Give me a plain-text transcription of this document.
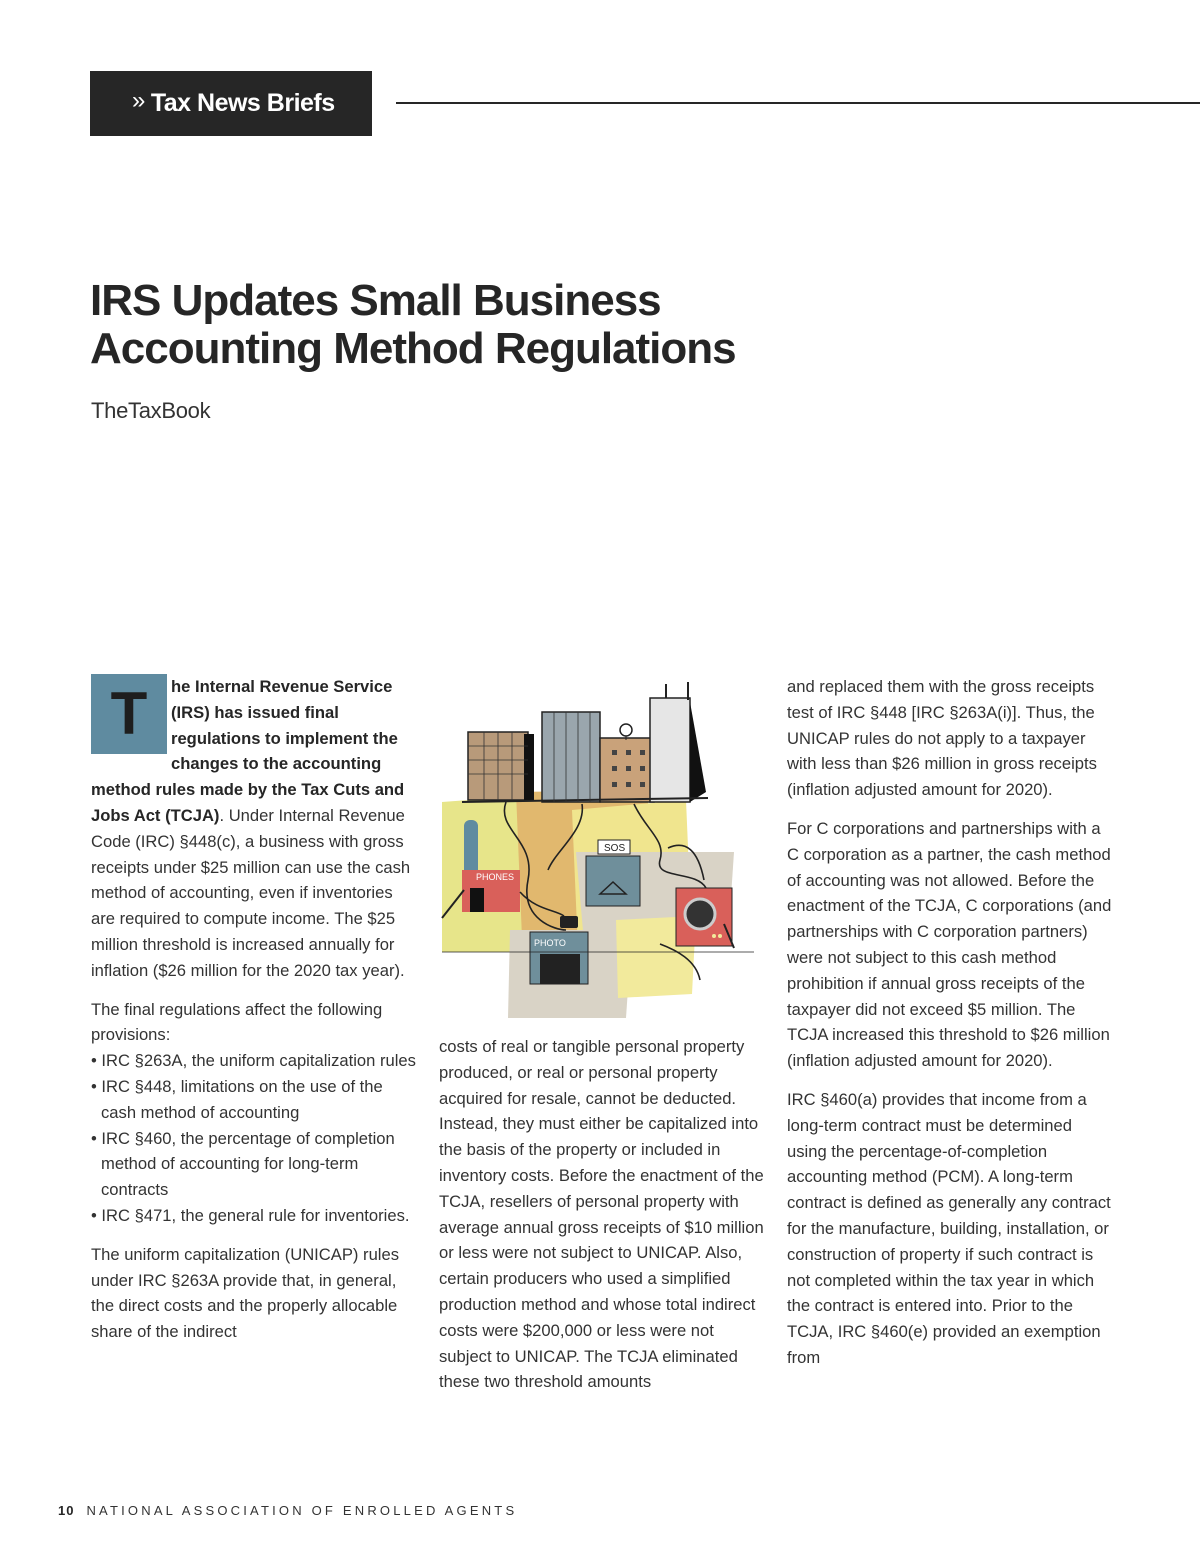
» Tax News Briefs
IRS Updates Small Business
Accounting Method Regulations
TheTaxBook

T	he Internal Revenue Service (IRS) has issued final regulations to implement the changes to the accounting method rules made by the Tax Cuts and Jobs Act (TCJA). Under Internal Revenue Code (IRC) §448(c), a business with gross receipts under $25 million can use the cash method of accounting, even if inventories are required to compute income. The $25 million threshold is increased annually for inflation ($26 million for the 2020 tax year).

The final regulations affect the following provisions:

• IRC §263A, the uniform capitalization rules
• IRC §448, limitations on the use of the cash method of accounting
• IRC §460, the percentage of completion method of accounting for long-term contracts
• IRC §471, the general rule for inventories.

The uniform capitalization (UNICAP) rules under IRC §263A provide that, in general, the direct costs and the properly allocable share of the indirect

PHONES
SOS
PHOTO

costs of real or tangible personal property produced, or real or personal property acquired for resale, cannot be deducted. Instead, they must either be capitalized into the basis of the property or included in inventory costs. Before the enactment of the TCJA, resellers of personal property with average annual gross receipts of $10 million or less were not subject to UNICAP. Also, certain producers who used a simplified production method and whose total indirect costs were $200,000 or less were not subject to UNICAP. The TCJA eliminated these two threshold amounts

and replaced them with the gross receipts test of IRC §448 [IRC §263A(i)]. Thus, the UNICAP rules do not apply to a taxpayer with less than $26 million in gross receipts (inflation adjusted amount for 2020).

For C corporations and partnerships with a C corporation as a partner, the cash method of accounting was not allowed. Before the enactment of the TCJA, C corporations (and partnerships with C corporation partners) were not subject to this cash method prohibition if annual gross receipts of the taxpayer did not exceed $5 million. The TCJA increased this threshold to $26 million (inflation adjusted amount for 2020).

IRC §460(a) provides that income from a long-term contract must be determined using the percentage-of-completion accounting method (PCM). A long-term contract is defined as generally any contract for the manufacture, building, installation, or construction of property if such contract is not completed within the tax year in which the contract is entered into. Prior to the TCJA, IRC §460(e) provided an exemption from

10 NATIONAL ASSOCIATION OF ENROLLED AGENTS
